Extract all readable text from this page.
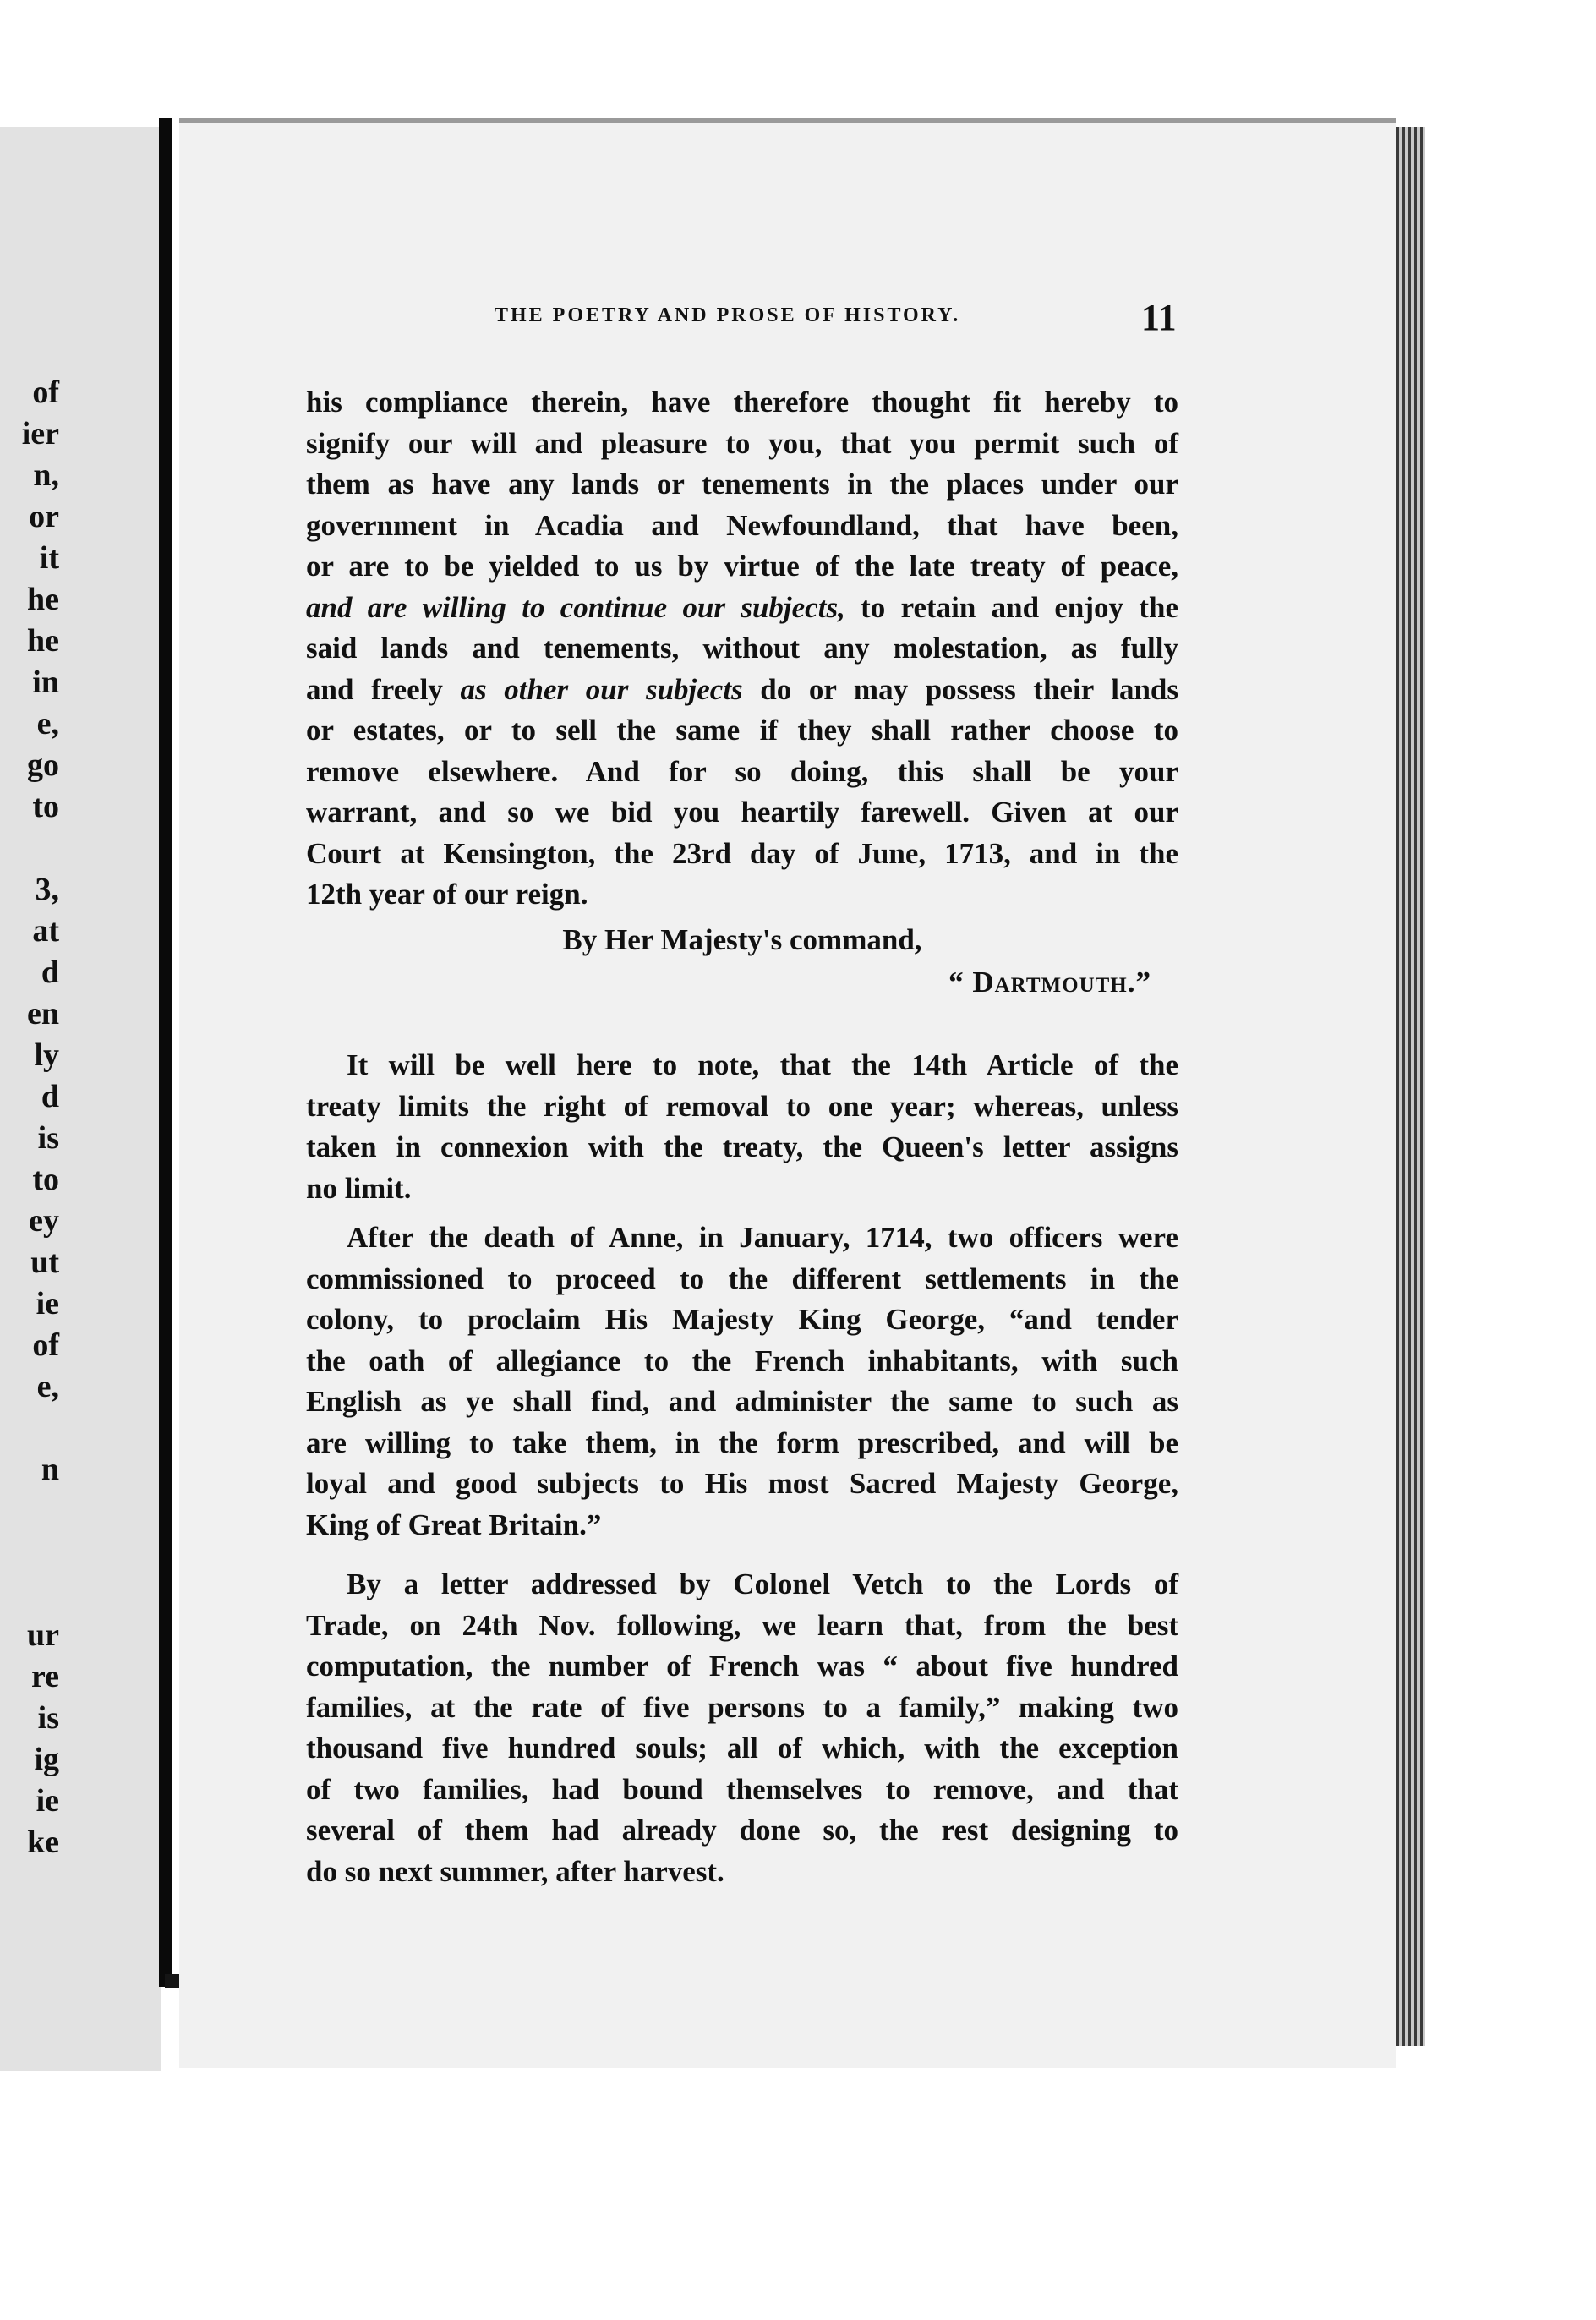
of
ier
n,
or
it
he
he
in
e,
go
to
3,
at
d
en
ly
d
is
to
ey
ut
ie
of
e,
n
ur
re
is
ig
ie
ke
THE POETRY AND PROSE OF HISTORY.	11
his compliance therein, have therefore thought fit hereby to
signify our will and pleasure to you, that you permit such of
them as have any lands or tenements in the places under our
government in Acadia and Newfoundland, that have been,
or are to be yielded to us by virtue of the late treaty of peace,
and are willing to continue our subjects, to retain and enjoy the
said lands and tenements, without any molestation, as fully
and freely as other our subjects do or may possess their lands
or estates, or to sell the same if they shall rather choose to
remove elsewhere. And for so doing, this shall be your
warrant, and so we bid you heartily farewell. Given at our
Court at Kensington, the 23rd day of June, 1713, and in the
12th year of our reign.
By Her Majesty's command,
“ Dartmouth.”
It will be well here to note, that the 14th Article of the
treaty limits the right of removal to one year; whereas, unless
taken in connexion with the treaty, the Queen's letter assigns
no limit.
After the death of Anne, in January, 1714, two officers were
commissioned to proceed to the different settlements in the
colony, to proclaim His Majesty King George, “and tender
the oath of allegiance to the French inhabitants, with such
English as ye shall find, and administer the same to such as
are willing to take them, in the form prescribed, and will be
loyal and good subjects to His most Sacred Majesty George,
King of Great Britain.”
By a letter addressed by Colonel Vetch to the Lords of
Trade, on 24th Nov. following, we learn that, from the best
computation, the number of French was “ about five hundred
families, at the rate of five persons to a family,” making two
thousand five hundred souls; all of which, with the exception
of two families, had bound themselves to remove, and that
several of them had already done so, the rest designing to
do so next summer, after harvest.
